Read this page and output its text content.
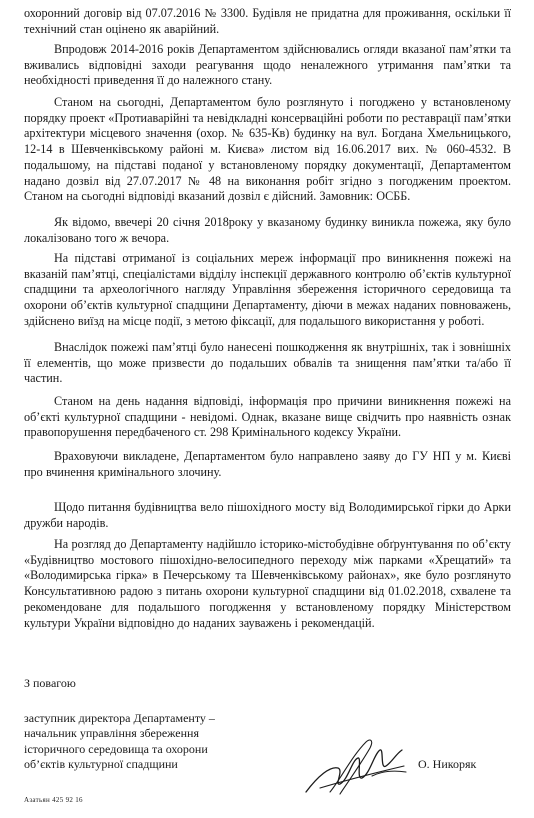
охоронний договір від 07.07.2016 № 3300. Будівля не придатна для проживання, оскільки її технічний стан оцінено як аварійний.

Впродовж 2014-2016 років Департаментом здійснювались огляди вказаної пам’ятки та вживались відповідні заходи реагування щодо неналежного утримання пам’ятки та необхідності приведення її до належного стану.

Станом на сьогодні, Департаментом було розглянуто і погоджено у встановленому порядку проект «Протиаварійні та невідкладні консерваційні роботи по реставрації пам’ятки архітектури місцевого значення (охор. № 635-Кв) будинку на вул. Богдана Хмельницького, 12-14 в Шевченківському районі м. Києва» листом від 16.06.2017 вих. № 060-4532. В подальшому, на підставі поданої у встановленому порядку документації, Департаментом надано дозвіл від 27.07.2017 № 48 на виконання робіт згідно з погодженим проектом. Станом на сьогодні відповіді вказаний дозвіл є дійсний. Замовник: ОСББ.

Як відомо, ввечері 20 січня 2018року у вказаному будинку виникла пожежа, яку було локалізовано того ж вечора.

На підставі отриманої із соціальних мереж інформації про виникнення пожежі на вказаній пам’ятці, спеціалістами відділу інспекції державного контролю об’єктів культурної спадщини та археологічного нагляду Управління збереження історичного середовища та охорони об’єктів культурної спадщини Департаменту, діючи в межах наданих повноважень, здійснено виїзд на місце події, з метою фіксації, для подальшого використання у роботі.

Внаслідок пожежі пам’ятці було нанесені пошкодження як внутрішніх, так і зовнішніх її елементів, що може призвести до подальших обвалів та знищення пам’ятки та/або її частин.

Станом на день надання відповіді, інформація про причини виникнення пожежі на об’єкті культурної спадщини - невідомі. Однак, вказане вище свідчить про наявність ознак правопорушення передбаченого ст. 298 Кримінального кодексу України.

Враховуючи викладене, Департаментом було направлено заяву до ГУ НП у м. Києві про вчинення кримінального злочину.

Щодо питання будівництва вело пішохідного мосту від Володимирської гірки до Арки дружби народів.

На розгляд до Департаменту надійшло історико-містобудівне обґрунтування по об’єкту «Будівництво мостового пішохідно-велосипедного переходу між парками «Хрещатий» та «Володимирська гірка» в Печерському та Шевченківському районах», яке було розглянуто Консультативною радою з питань охорони культурної спадщини від 01.02.2018, схвалене та рекомендоване для подальшого погодження у встановленому порядку Міністерством культури України відповідно до наданих зауважень і рекомендацій.

З повагою
заступник директора Департаменту –
начальник управління збереження
історичного середовища та охорони
об’єктів культурної спадщини	О. Никоряк
Азатьян 425 92 16
